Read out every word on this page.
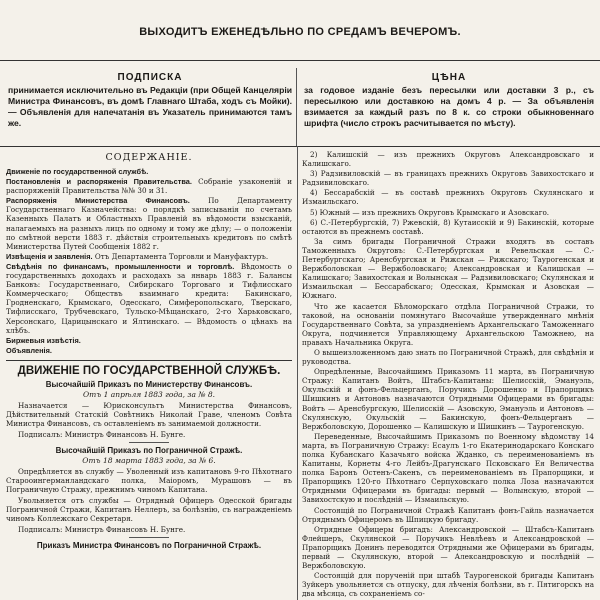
ВЫХОДИТЪ ЕЖЕНЕДѢЛЬНО ПО СРЕДАМЪ ВЕЧЕРОМЪ.
ПОДПИСКА
принимается исключительно въ Редакціи (при Общей Канцеляріи Министра Финансовъ, въ домѣ Главнаго Штаба, ходъ съ Мойки). — Объявленія для напечатанія въ Указатель принимаются тамъ же.
ЦѢНА
за годовое изданіе безъ пересылки или доставки 3 р., съ пересылкою или доставкою на домъ 4 р. — За объявленія взимается за каждый разъ по 8 к. со строки обыкновеннаго шрифта (число строкъ расчитывается по мѣсту).
СОДЕРЖАНІЕ.

Движеніе по государственной службѣ.

Постановленія и распоряженія Правительства. Собраніе узаконеній и распоряженій Правительства №№ 30 и 31.

Распоряженія Министерства Финансовъ.	По Департаменту Государственнаго Казначейства: о порядкѣ записыванія по счетамъ Казенныхъ Палатъ и Областныхъ Правленій въ вѣдомости взысканій, налагаемыхъ на разныхъ лицъ по одному и тому же дѣлу; — о положеніи по смѣтной версти 1883 г. дѣйствія строительныхъ кредитовъ по смѣтѣ Министерства Путей Сообщенія 1882 г.

Извѣщенія и заявленія. Отъ Департамента Торговли и Мануфактуръ.

Свѣдѣнія по финансамъ, промышленности и торговлѣ. Вѣдомость о государственныхъ доходахъ и расходахъ за январь 1883 г. Балансы Банковъ: Государственнаго, Сибирскаго Торговаго и Тифлисскаго Коммерческаго; Обществъ взаимнаго кредита: Бакинскаго, Гродненскаго, Крымскаго, Одесскаго, Симферопольскаго, Тверскаго, Тифлисскаго, Трубчевскаго, Тульско-Мѣщанскаго, 2-го Харьковскаго, Херсонскаго, Царицынскаго и Ялтинскаго. — Вѣдомость о цѣнахъ на хлѣбъ.

Биржевыя извѣстія.

Объявленія.

ДВИЖЕНІЕ ПО ГОСУДАРСТВЕННОЙ СЛУЖБѢ.
Высочайшій Приказъ по Министерству Финансовъ.
Отъ 1 апрѣля 1883 года, за № 8.

Назначается — Юрисконсультъ Министерства Финансовъ, Дѣйствительный Статскій Совѣтникъ Николай Граве, членомъ Совѣта Министра Финансовъ, съ оставленіемъ въ занимаемой должности.

Подписалъ: Министръ Финансовъ Н. Бунге.
Высочайшій Приказъ по Пограничной Стражѣ.
Отъ 18 марта 1883 года, за № 6.

Опредѣляется въ службу — Уволенный изъ капитановъ 9-го Пѣхотнаго Старооингерманландскаго полка, Маіоромъ, Мурашовъ — въ Пограничную Стражу, прежнимъ чиномъ Капитана.

Увольняется отъ службы — Отрядный Офицеръ Одесской бригады Пограничной Стражи, Капитанъ Неллеръ, за болѣзнію, съ награжденіемъ чиномъ Коллежскаго Секретаря.

Подписалъ: Министръ Финансовъ Н. Бунге.
Приказъ Министра Финансовъ по Пограничной Стражѣ.

2) Калишскій — изъ прежнихъ Округовъ Александровскаго и Калишскаго.

3) Радзивиловскій — въ границахъ прежнихъ Округовъ Завихостскаго и Радзивиловскаго.

4) Бессарабскій — въ составѣ прежнихъ Округовъ Скулянскаго и Измаильскаго.

5) Южный — изъ прежнихъ Округовъ Крымскаго и Азовскаго.

6) С.-Петербургскій, 7) Ржевскій, 8) Кутаисскій и 9) Бакинскій, которые остаются въ прежнемъ составѣ.

За симъ бригады Пограничной Стражи входятъ въ составъ Таможенныхъ Округовъ: С.-Петербургская и Ревельская — С.-Петербургскаго; Аренсбургская и Рижская — Рижскаго; Таурогенская и Вержболовская — Вержболовскаго; Александровская и Калишская — Калишскаго; Завихостская и Волынская — Радзивиловскаго; Скулянская и Измаильская — Бессарабскаго; Одесская, Крымская и Азовская — Южнаго.

Что же касается Бѣломорскаго отдѣла Пограничной Стражи, то таковой, на основаніи помянутаго Высочайше утвержденнаго мнѣнія Государственнаго Совѣта, за упраздненіемъ Архангельскаго Таможеннаго Округа, подчиняется Управляющему Архангельскою Таможнею, на правахъ Начальника Округа.

О вышеизложенномъ даю знать по Пограничной Стражѣ, для свѣдѣнія и руководства.

Опредѣленные, Высочайшимъ Приказомъ 11 марта, въ Пограничную Стражу: Капитанъ Войтъ, Штабсъ-Капитаны: Шелисскій, Эмануэль, Окульскій и фонъ-Фельцерганъ, Поручикъ Дорошенко и Прапорщикъ Шишкинъ и Антоновъ назначаются Отрядными Офицерами въ бригады: Войтъ — Аренсбургскую, Шелисскій — Азовскую, Эмануэль и Антоновъ — Скулянскую, Окульскій — Бакинскую, фонъ-Фельцерганъ — Вержболовскую, Дорошенко — Калишскую и Шишкинъ — Таурогенскую.

Переведенные, Высочайшимъ Приказомъ по Военному вѣдомству 14 марта, въ Пограничную Стражу: Есаулъ 1-го Екатеринодарскаго Конскаго полка Кубанскаго Казачьяго войска Жданко, съ переименованіемъ въ Капитаны, Корнеты 4-го Лейбъ-Драгунскаго Псковскаго Ея Величества полка Баронъ Остенъ-Сакенъ, съ переименованіемъ въ Прапорщики, и Прапорщикъ 120-го Пѣхотнаго Серпуховскаго полка Лоза назначаются Отрядными Офицерами въ бригады: первый — Волынскую, второй — Завихостскую и послѣдній — Измаильскую.

Состоящій по Пограничной Стражѣ Капитанъ фонъ-Гайль назначается Отряднымъ Офицеромъ въ Шпицкую бригаду.

Отрядные Офицеры бригадъ: Александровской — Штабсъ-Капитанъ Флейшеръ, Скулянской — Поручикъ Невлѣевъ и Александровской — Прапорщикъ Донинъ переводятся Отрядными же Офицерами въ бригады, первый — Скулянскую, второй — Александровскую и послѣдній — Вержболовскую.

Состоящій для порученій при штабѣ Таурогенской бригады Капитанъ Зуйкеръ увольняется съ отпуску, для лѣченія болѣзни, въ г. Пятигорскъ на два мѣсяца, съ сохраненіемъ со-
